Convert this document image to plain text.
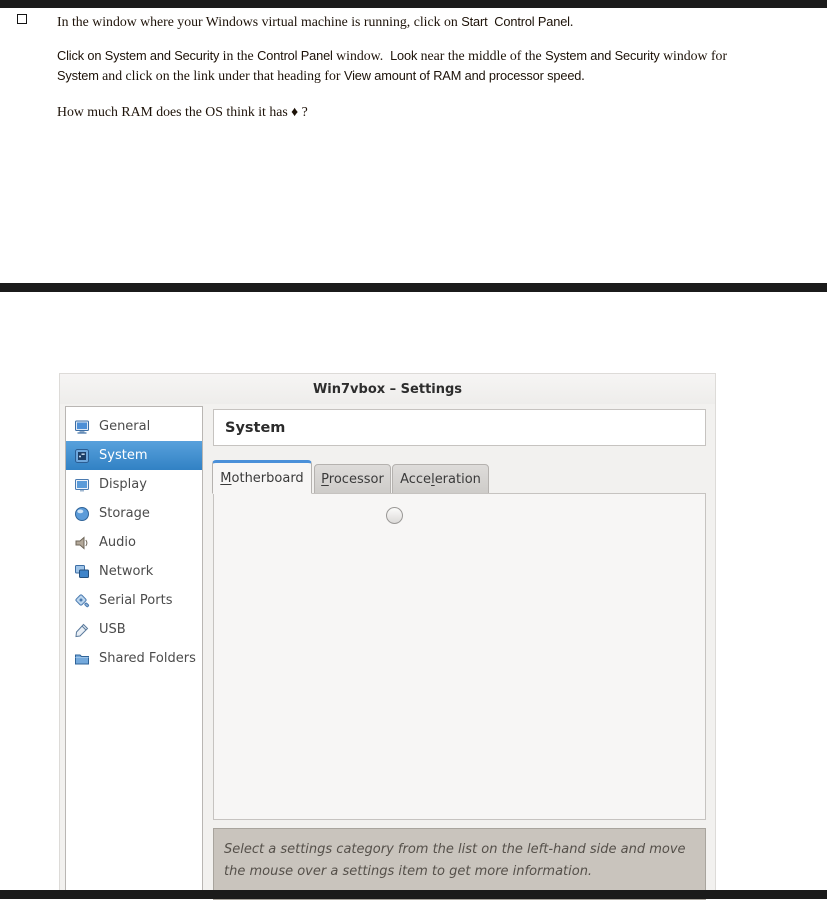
In the window where your Windows virtual machine is running, click on Start  Control Panel.

Click on System and Security in the Control Panel window.  Look near the middle of the System and Security window for System and click on the link under that heading for View amount of RAM and processor speed.

How much RAM does the OS think it has ♦ ?

Win7vbox – Settings
General
System
Display
Storage
Audio
Network
Serial Ports
USB
Shared Folders
System
Motherboard Processor Acceleration
1024
Select a settings category from the list on the left-hand side and move
the mouse over a settings item to get more information.
